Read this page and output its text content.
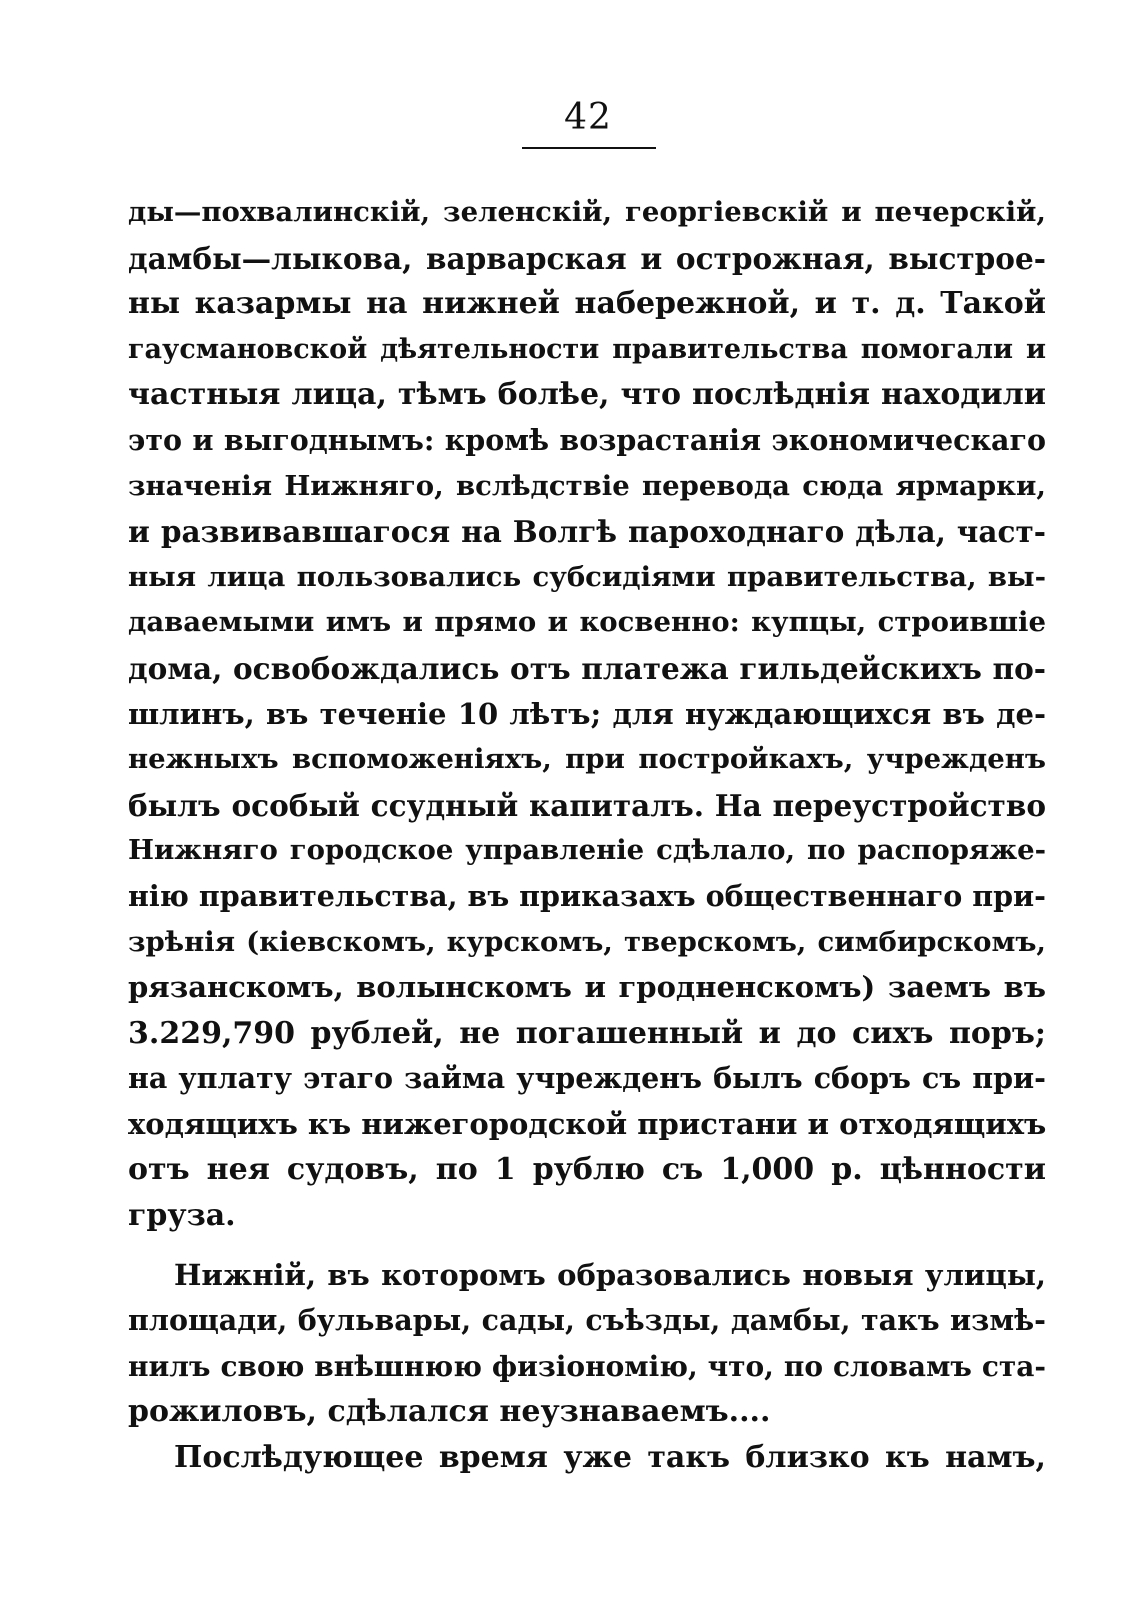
42
ды—похвалинскій, зеленскій, георгіевскій и печерскій,
дамбы—лыкова, варварская и острожная, выстрое-
ны казармы на нижней набережной, и т. д. Такой
гаусмановской дѣятельности правительства помогали и
частныя лица, тѣмъ болѣе, что послѣднія находили
это и выгоднымъ: кромѣ возрастанія экономическаго
значенія Нижняго, вслѣдствіе перевода сюда ярмарки,
и развивавшагося на Волгѣ пароходнаго дѣла, част-
ныя лица пользовались субсидіями правительства, вы-
даваемыми имъ и прямо и косвенно: купцы, строившіе
дома, освобождались отъ платежа гильдейскихъ по-
шлинъ, въ теченіе 10 лѣтъ; для нуждающихся въ де-
нежныхъ вспоможеніяхъ, при постройкахъ, учрежденъ
былъ особый ссудный капиталъ. На переустройство
Нижняго городское управленіе сдѣлало, по распоряже-
нію правительства, въ приказахъ общественнаго при-
зрѣнія (кіевскомъ, курскомъ, тверскомъ, симбирскомъ,
рязанскомъ, волынскомъ и гродненскомъ) заемъ въ
3.229,790 рублей, не погашенный и до сихъ поръ;
на уплату этаго займа учрежденъ былъ сборъ съ при-
ходящихъ къ нижегородской пристани и отходящихъ
отъ нея судовъ, по 1 рублю съ 1,000 р. цѣнности
груза.
Нижній, въ которомъ образовались новыя улицы,
площади, бульвары, сады, съѣзды, дамбы, такъ измѣ-
нилъ свою внѣшнюю физіономію, что, по словамъ ста-
рожиловъ, сдѣлался неузнаваемъ....
Послѣдующее время уже такъ близко къ намъ,
